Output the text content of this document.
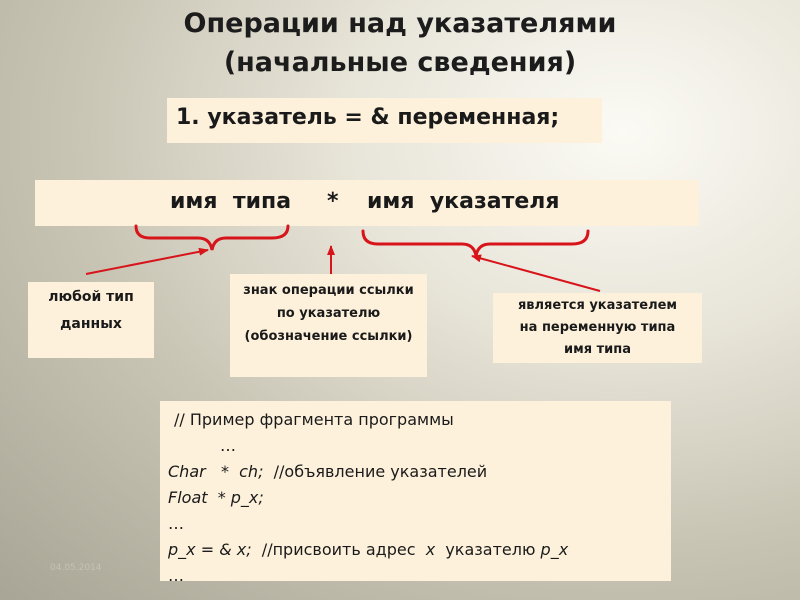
Операции над указателями
(начальные сведения)
1. указатель = & переменная;
имя  типа * имя  указателя
любой тип
данных
знак операции ссылки
по указателю
(обозначение ссылки)
является указателем
на переменную типа
имя типа
// Пример фрагмента программы
…
Char   *  ch; //объявление указателей
Float  * p_x;
…
p_x = & x; //присвоить адрес  x  указателю p_x
…
04.05.2014
